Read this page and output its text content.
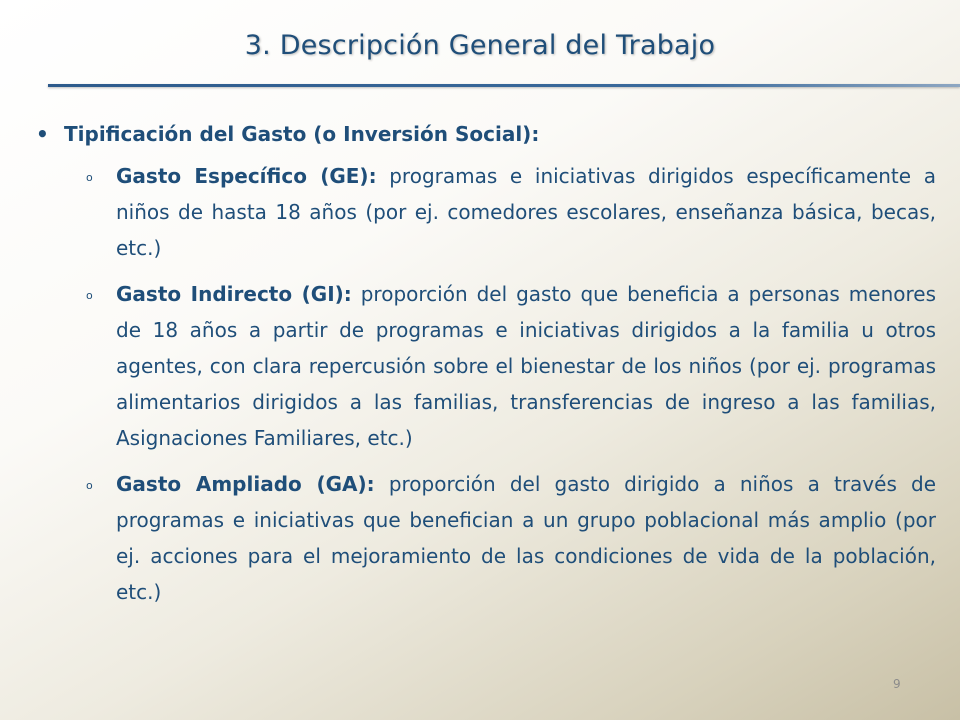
3. Descripción General del Trabajo
• Tipificación del Gasto (o Inversión Social):
o Gasto Específico (GE): programas e iniciativas dirigidos específicamente a niños de hasta 18 años (por ej. comedores escolares, enseñanza básica, becas, etc.)
o Gasto Indirecto (GI): proporción del gasto que beneficia a personas menores de 18 años a partir de programas e iniciativas dirigidos a la familia u otros agentes, con clara repercusión sobre el bienestar de los niños (por ej. programas alimentarios dirigidos a las familias, transferencias de ingreso a las familias, Asignaciones Familiares, etc.)
o Gasto Ampliado (GA): proporción del gasto dirigido a niños a través de programas e iniciativas que benefician a un grupo poblacional más amplio (por ej. acciones para el mejoramiento de las condiciones de vida de la población, etc.)
9
